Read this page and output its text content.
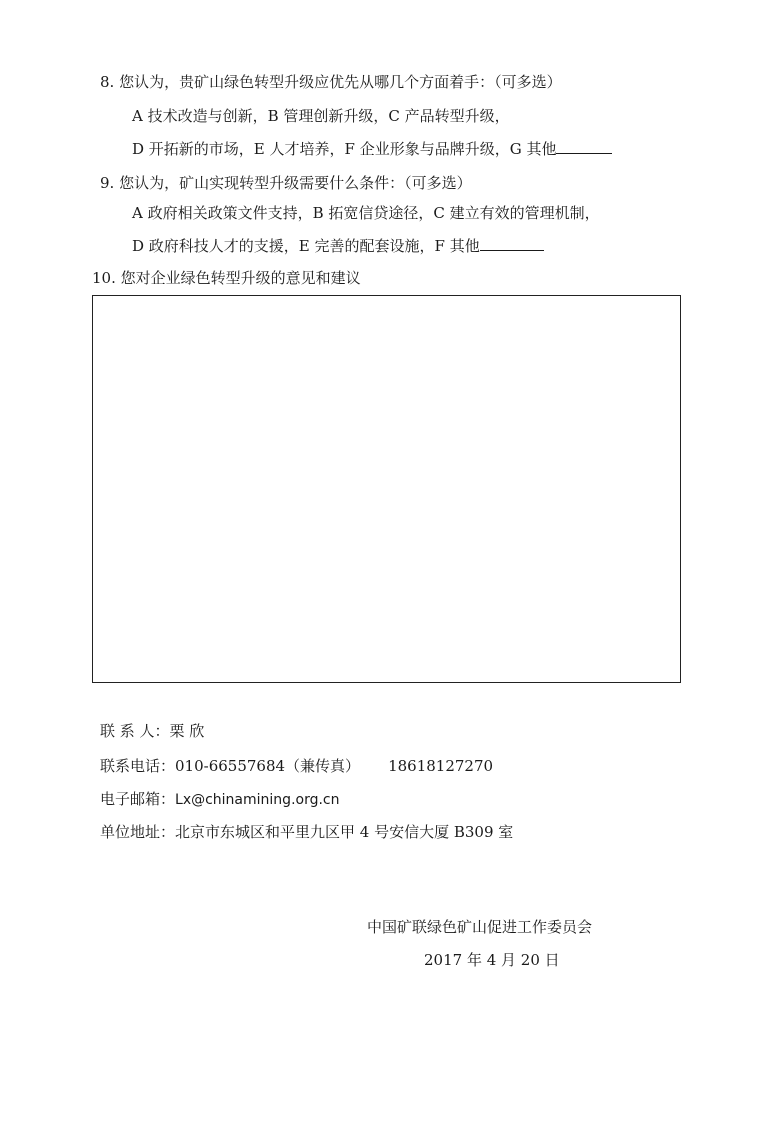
8. 您认为，贵矿山绿色转型升级应优先从哪几个方面着手：（可多选）
A 技术改造与创新，B 管理创新升级，C 产品转型升级，
D 开拓新的市场，E 人才培养，F 企业形象与品牌升级，G 其他
9. 您认为，矿山实现转型升级需要什么条件：（可多选）
A 政府相关政策文件支持，B 拓宽信贷途径，C 建立有效的管理机制，
D 政府科技人才的支援，E 完善的配套设施，F 其他
10. 您对企业绿色转型升级的意见和建议
联 系 人：栗 欣
联系电话：010-66557684（兼传真） 18618127270
电子邮箱：Lx@chinamining.org.cn
单位地址：北京市东城区和平里九区甲 4 号安信大厦 B309 室
中国矿联绿色矿山促进工作委员会
2017 年 4 月 20 日
